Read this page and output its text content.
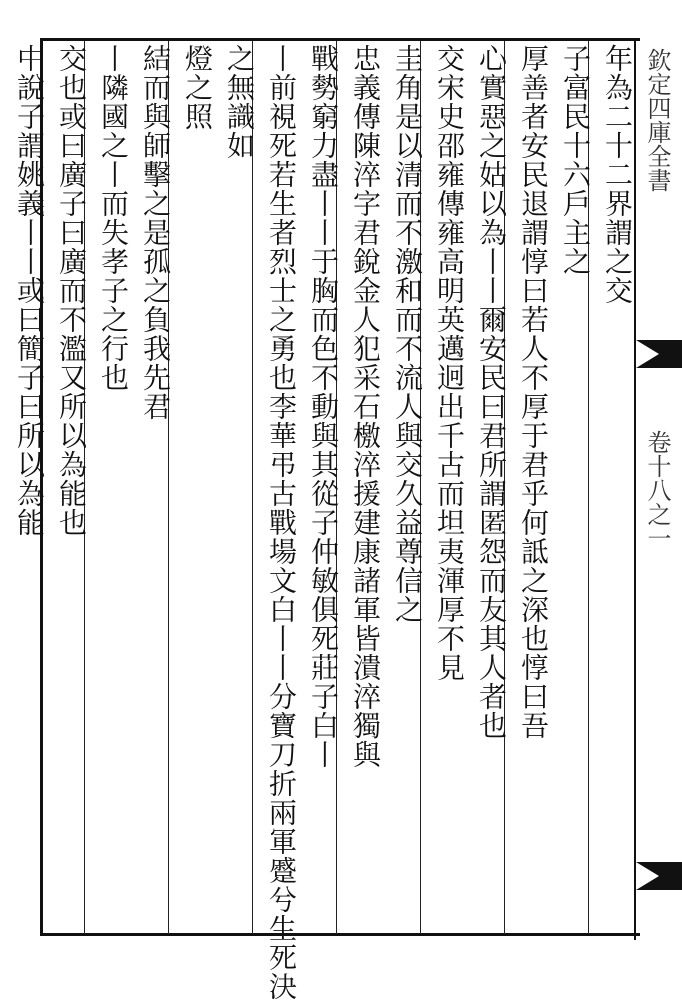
欽定四庫全書
卷十八之一
年為二十二界謂之交
子富民十六戶主之
厚善者安民退謂惇曰若人不厚于君乎何詆之深也惇曰吾
心實惡之姑以為丨丨爾安民曰君所謂匿怨而友其人者也
交宋史邵雍傳雍高明英邁迥出千古而坦夷渾厚不見
圭角是以清而不激和而不流人與交久益尊信之
忠義傳陳淬字君銳金人犯采石檄淬援建康諸軍皆潰淬獨與
戰勢窮力盡丨丨于胸而色不動與其從子仲敏俱死莊子白丨
丨前視死若生者烈士之勇也李華弔古戰場文白丨丨分寶刀折兩軍蹙兮生死決
之無識如
燈之照
結而與師擊之是孤之負我先君
丨隣國之丨而失孝子之行也
交也或曰廣子曰廣而不濫又所以為能也
中說子謂姚義丨丨或曰簡子曰所以為能
